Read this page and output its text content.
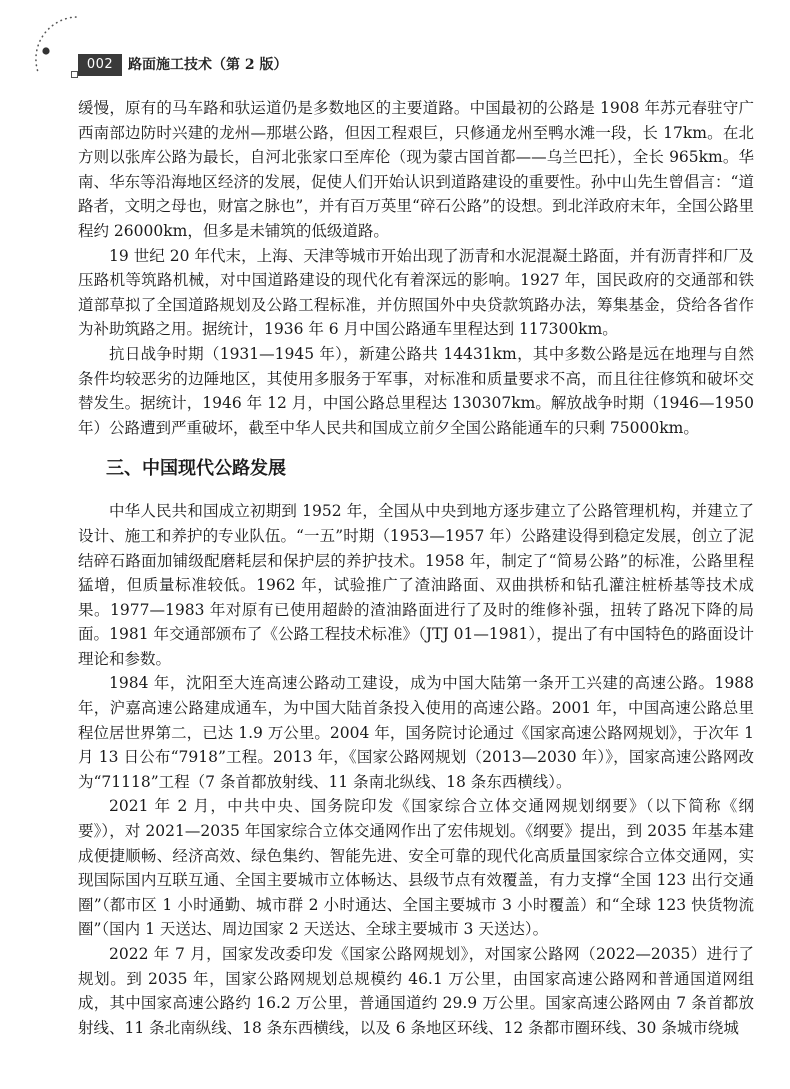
002	路面施工技术（第 2 版）

缓慢，原有的马车路和驮运道仍是多数地区的主要道路。中国最初的公路是 1908 年苏元春驻守广西南部边防时兴建的龙州—那堪公路，但因工程艰巨，只修通龙州至鸭水滩一段，长 17km。在北方则以张库公路为最长，自河北张家口至库伦（现为蒙古国首都——乌兰巴托），全长 965km。华南、华东等沿海地区经济的发展，促使人们开始认识到道路建设的重要性。孙中山先生曾倡言：“道路者，文明之母也，财富之脉也”，并有百万英里“碎石公路”的设想。到北洋政府末年，全国公路里程约 26000km，但多是未铺筑的低级道路。

19 世纪 20 年代末，上海、天津等城市开始出现了沥青和水泥混凝土路面，并有沥青拌和厂及压路机等筑路机械，对中国道路建设的现代化有着深远的影响。1927 年，国民政府的交通部和铁道部草拟了全国道路规划及公路工程标准，并仿照国外中央贷款筑路办法，筹集基金，贷给各省作为补助筑路之用。据统计，1936 年 6 月中国公路通车里程达到 117300km。

抗日战争时期（1931—1945 年），新建公路共 14431km，其中多数公路是远在地理与自然条件均较恶劣的边陲地区，其使用多服务于军事，对标准和质量要求不高，而且往往修筑和破坏交替发生。据统计，1946 年 12 月，中国公路总里程达 130307km。解放战争时期（1946—1950 年）公路遭到严重破坏，截至中华人民共和国成立前夕全国公路能通车的只剩 75000km。

三、中国现代公路发展

中华人民共和国成立初期到 1952 年，全国从中央到地方逐步建立了公路管理机构，并建立了设计、施工和养护的专业队伍。“一五”时期（1953—1957 年）公路建设得到稳定发展，创立了泥结碎石路面加铺级配磨耗层和保护层的养护技术。1958 年，制定了“简易公路”的标准，公路里程猛增，但质量标准较低。1962 年，试验推广了渣油路面、双曲拱桥和钻孔灌注桩桥基等技术成果。1977—1983 年对原有已使用超龄的渣油路面进行了及时的维修补强，扭转了路况下降的局面。1981 年交通部颁布了《公路工程技术标准》（JTJ 01—1981），提出了有中国特色的路面设计理论和参数。

1984 年，沈阳至大连高速公路动工建设，成为中国大陆第一条开工兴建的高速公路。1988 年，沪嘉高速公路建成通车，为中国大陆首条投入使用的高速公路。2001 年，中国高速公路总里程位居世界第二，已达 1.9 万公里。2004 年，国务院讨论通过《国家高速公路网规划》，于次年 1 月 13 日公布“7918”工程。2013 年，《国家公路网规划（2013—2030 年）》，国家高速公路网改为“71118”工程（7 条首都放射线、11 条南北纵线、18 条东西横线）。

2021 年 2 月，中共中央、国务院印发《国家综合立体交通网规划纲要》（以下简称《纲要》），对 2021—2035 年国家综合立体交通网作出了宏伟规划。《纲要》提出，到 2035 年基本建成便捷顺畅、经济高效、绿色集约、智能先进、安全可靠的现代化高质量国家综合立体交通网，实现国际国内互联互通、全国主要城市立体畅达、县级节点有效覆盖，有力支撑“全国 123 出行交通圈”（都市区 1 小时通勤、城市群 2 小时通达、全国主要城市 3 小时覆盖）和“全球 123 快货物流圈”（国内 1 天送达、周边国家 2 天送达、全球主要城市 3 天送达）。

2022 年 7 月，国家发改委印发《国家公路网规划》，对国家公路网（2022—2035）进行了规划。到 2035 年，国家公路网规划总规模约 46.1 万公里，由国家高速公路网和普通国道网组成，其中国家高速公路约 16.2 万公里，普通国道约 29.9 万公里。国家高速公路网由 7 条首都放射线、11 条北南纵线、18 条东西横线，以及 6 条地区环线、12 条都市圈环线、30 条城市绕城
